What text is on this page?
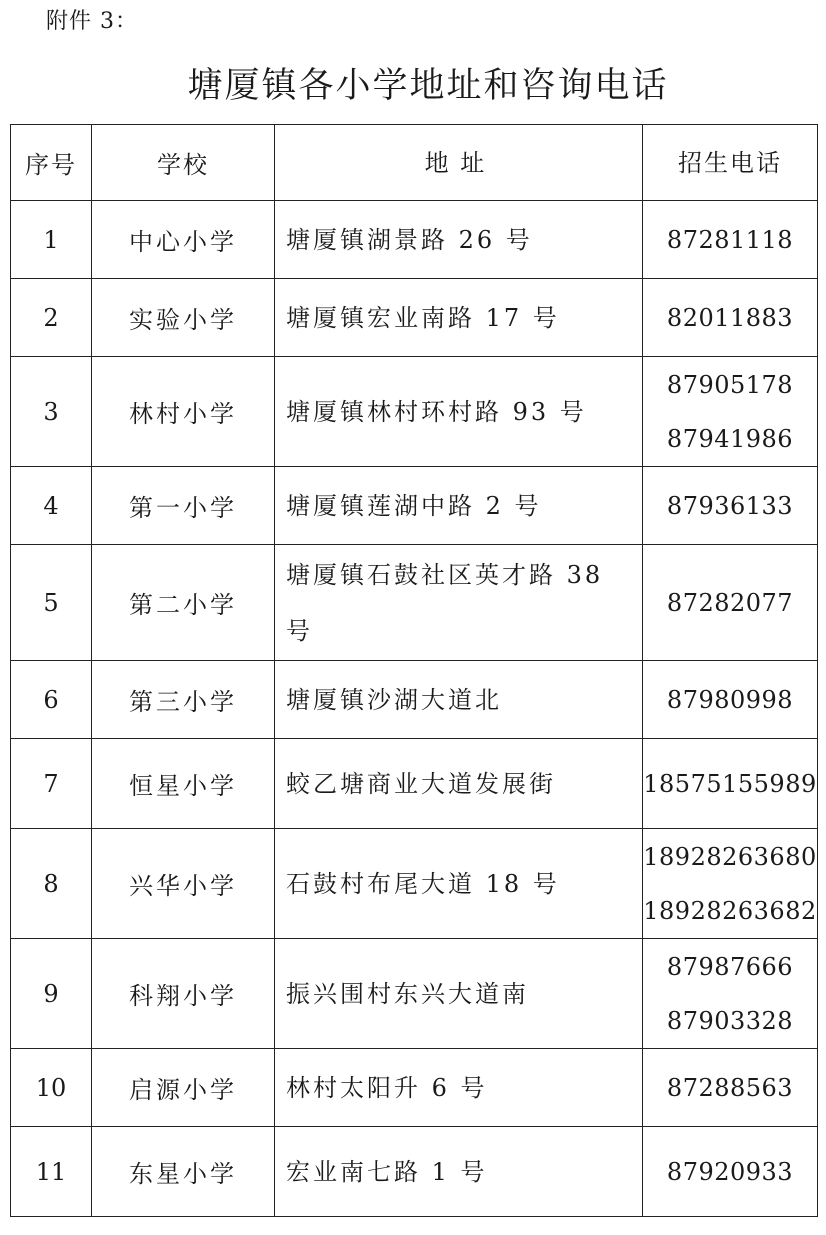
附件 3：
塘厦镇各小学地址和咨询电话
序号	学校	地 址	招生电话
1	中心小学	塘厦镇湖景路 26 号	87281118

2	实验小学	塘厦镇宏业南路 17 号	82011883

3	林村小学	塘厦镇林村环村路 93 号	87905178
87941986

4	第一小学	塘厦镇莲湖中路 2 号	87936133

5	第二小学	塘厦镇石鼓社区英才路 38 号	87282077

6	第三小学	塘厦镇沙湖大道北	87980998

7	恒星小学	蛟乙塘商业大道发展街	18575155989

8	兴华小学	石鼓村布尾大道 18 号	18928263680
18928263682

9	科翔小学	振兴围村东兴大道南	87987666
87903328

10	启源小学	林村太阳升 6 号	87288563

11	东星小学	宏业南七路 1 号	87920933
